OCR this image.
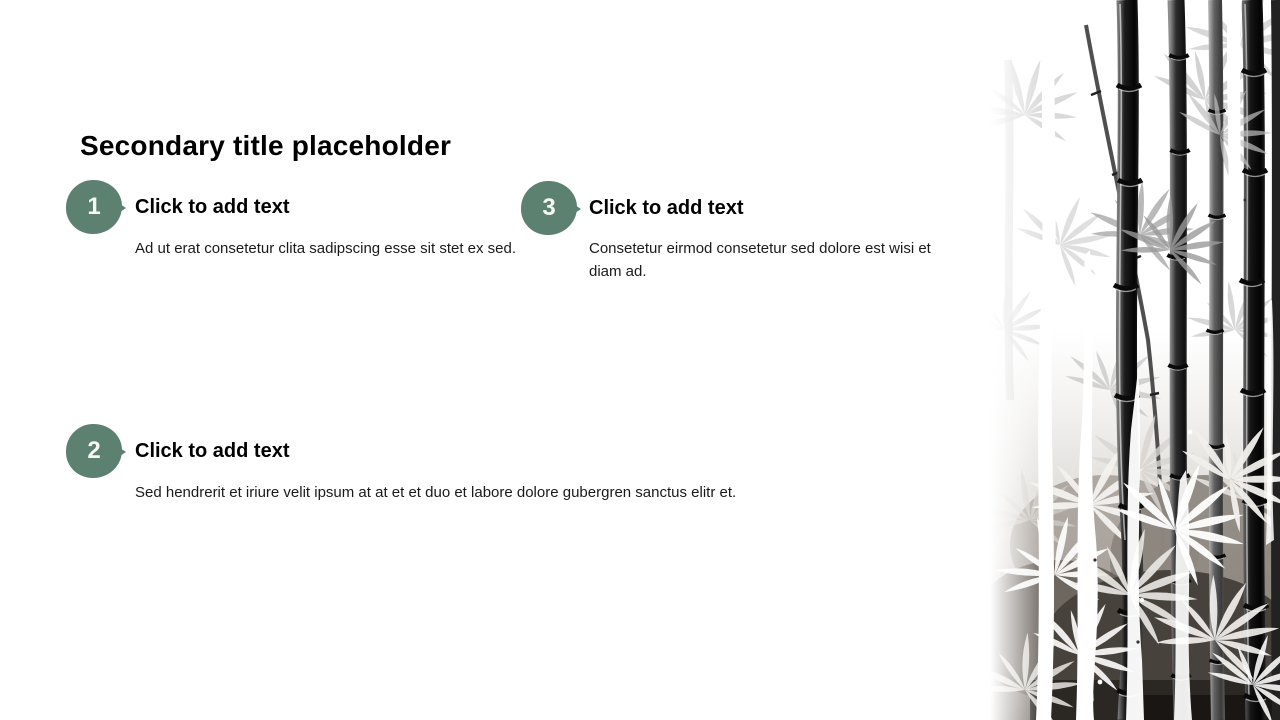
Secondary title placeholder
1 Click to add text

Ad ut erat consetetur clita sadipscing esse sit stet ex sed.

3 Click to add text

Consetetur eirmod consetetur sed dolore est wisi et diam ad.

2 Click to add text

Sed hendrerit et iriure velit ipsum at at et et duo et labore dolore gubergren sanctus elitr et.
